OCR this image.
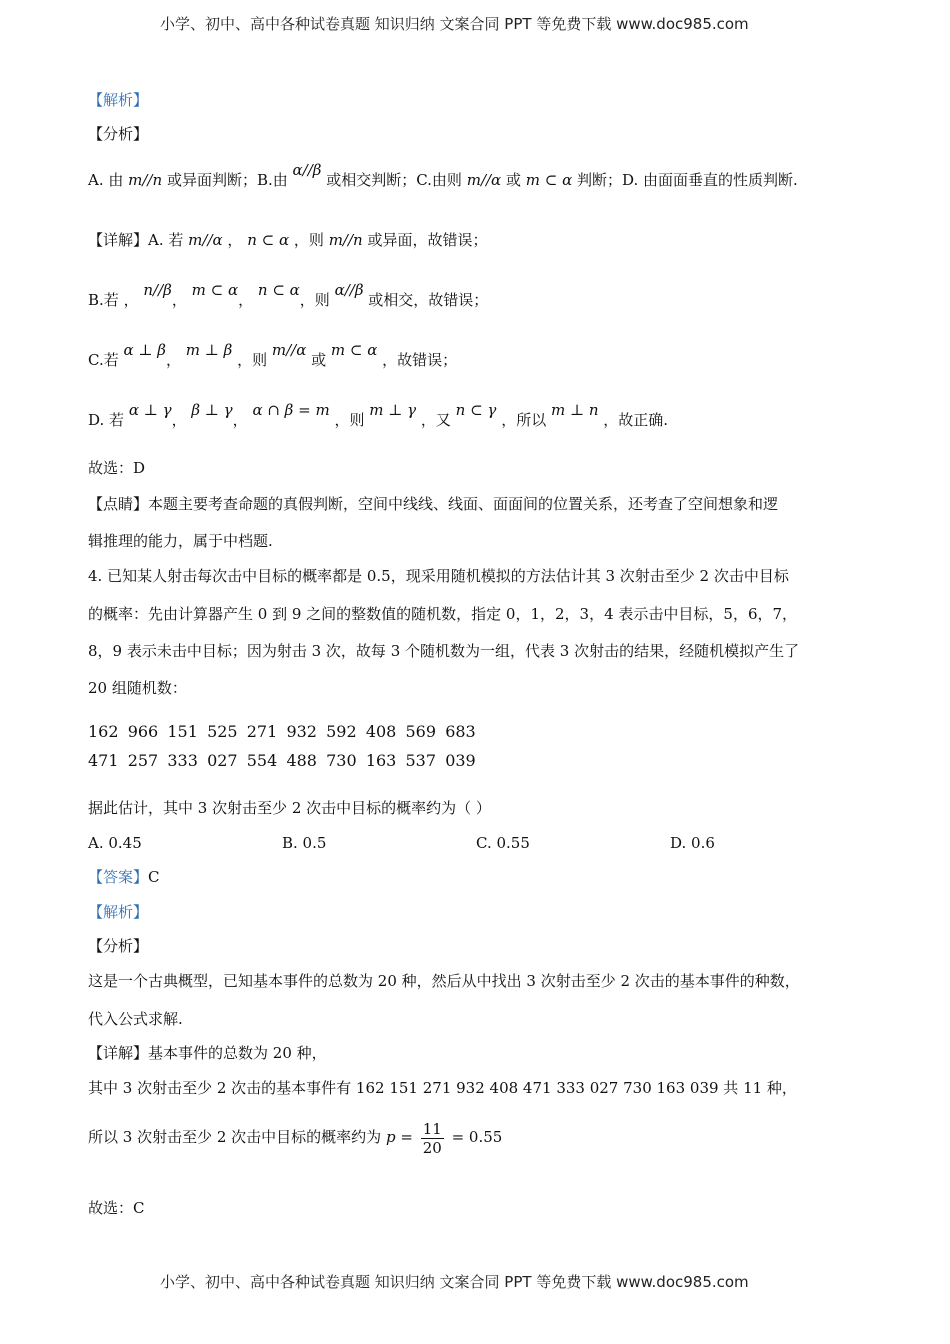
小学、初中、高中各种试卷真题 知识归纳 文案合同 PPT 等免费下载 www.doc985.com
小学、初中、高中各种试卷真题 知识归纳 文案合同 PPT 等免费下载 www.doc985.com
【解析】
【分析】
A. 由 m//n 或异面判断；B.由 α//β 或相交判断；C.由则 m//α 或 m ⊂ α 判断；D. 由面面垂直的性质判断.
【详解】A. 若 m//α ， n ⊂ α ，则 m//n 或异面，故错误；
B.若 ， n//β， m ⊂ α， n ⊂ α，则 α//β 或相交，故错误；
C.若 α ⊥ β， m ⊥ β ，则 m//α 或 m ⊂ α ，故错误；
D. 若 α ⊥ γ， β ⊥ γ， α ∩ β = m ，则 m ⊥ γ ，又 n ⊂ γ ，所以 m ⊥ n ，故正确.
故选：D
【点睛】本题主要考查命题的真假判断，空间中线线、线面、面面间的位置关系，还考查了空间想象和逻
辑推理的能力，属于中档题.
4. 已知某人射击每次击中目标的概率都是 0.5，现采用随机模拟的方法估计其 3 次射击至少 2 次击中目标
的概率：先由计算器产生 0 到 9 之间的整数值的随机数，指定 0，1，2，3，4 表示击中目标，5，6，7，
8，9 表示未击中目标；因为射击 3 次，故每 3 个随机数为一组，代表 3 次射击的结果，经随机模拟产生了
20 组随机数：
162 966 151 525 271 932 592 408 569 683
471 257 333 027 554 488 730 163 537 039
据此估计，其中 3 次射击至少 2 次击中目标的概率约为（ ）
A. 0.45	B. 0.5	C. 0.55	D. 0.6
【答案】C
【解析】
【分析】
这是一个古典概型，已知基本事件的总数为 20 种，然后从中找出 3 次射击至少 2 次击的基本事件的种数，
代入公式求解.
【详解】基本事件的总数为 20 种，
其中 3 次射击至少 2 次击的基本事件有 162 151 271 932 408 471 333 027 730 163 039 共 11 种，
所以 3 次射击至少 2 次击中目标的概率约为 $p = \frac{11}{20} = 0.55$
故选：C
